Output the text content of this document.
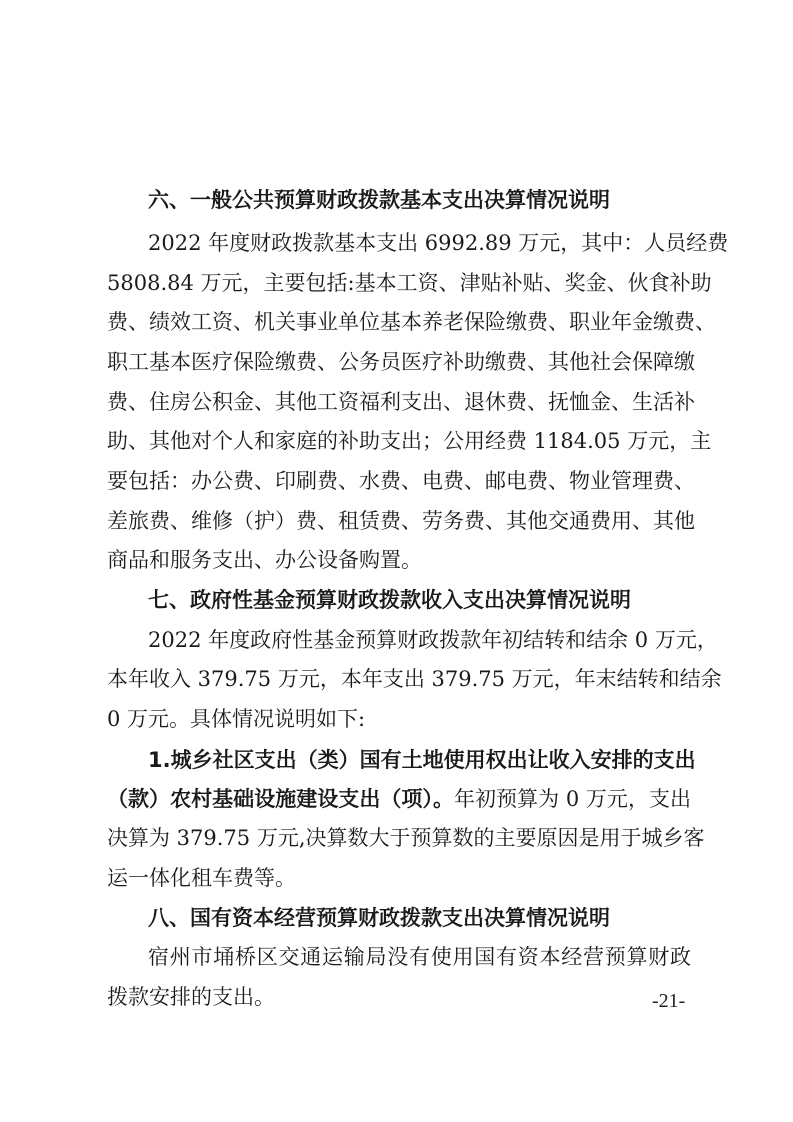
六、一般公共预算财政拨款基本支出决算情况说明
2022 年度财政拨款基本支出 6992.89 万元，其中：人员经费
5808.84 万元，主要包括:基本工资、津贴补贴、奖金、伙食补助
费、绩效工资、机关事业单位基本养老保险缴费、职业年金缴费、
职工基本医疗保险缴费、公务员医疗补助缴费、其他社会保障缴
费、住房公积金、其他工资福利支出、退休费、抚恤金、生活补
助、其他对个人和家庭的补助支出；公用经费 1184.05 万元，主
要包括：办公费、印刷费、水费、电费、邮电费、物业管理费、
差旅费、维修（护）费、租赁费、劳务费、其他交通费用、其他
商品和服务支出、办公设备购置。
七、政府性基金预算财政拨款收入支出决算情况说明
2022 年度政府性基金预算财政拨款年初结转和结余 0 万元，
本年收入 379.75 万元，本年支出 379.75 万元，年末结转和结余
0 万元。具体情况说明如下:
1.城乡社区支出（类）国有土地使用权出让收入安排的支出
（款）农村基础设施建设支出（项）。年初预算为 0 万元，支出
决算为 379.75 万元,决算数大于预算数的主要原因是用于城乡客
运一体化租车费等。
八、国有资本经营预算财政拨款支出决算情况说明
宿州市埇桥区交通运输局没有使用国有资本经营预算财政
拨款安排的支出。	-21-
